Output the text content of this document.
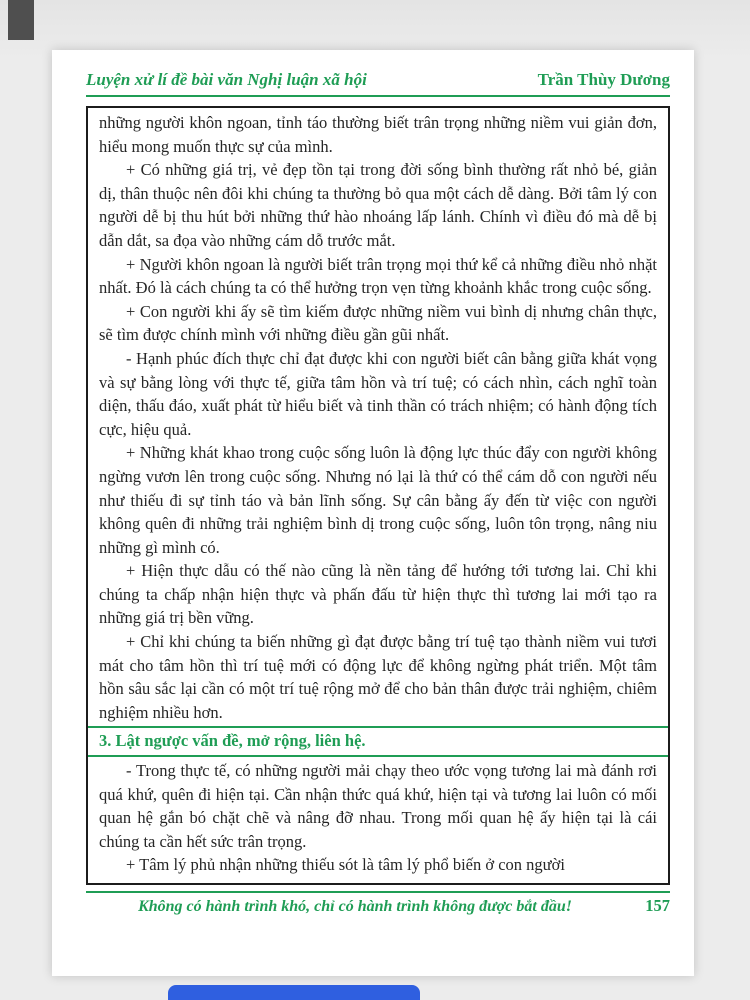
Luyện xử lí đề bài văn Nghị luận xã hội	Trần Thùy Dương

những người khôn ngoan, tỉnh táo thường biết trân trọng những niềm vui giản đơn, hiểu mong muốn thực sự của mình.

+ Có những giá trị, vẻ đẹp tồn tại trong đời sống bình thường rất nhỏ bé, giản dị, thân thuộc nên đôi khi chúng ta thường bỏ qua một cách dễ dàng. Bởi tâm lý con người dễ bị thu hút bởi những thứ hào nhoáng lấp lánh. Chính vì điều đó mà dễ bị dẫn dắt, sa đọa vào những cám dỗ trước mắt.

+ Người khôn ngoan là người biết trân trọng mọi thứ kể cả những điều nhỏ nhặt nhất. Đó là cách chúng ta có thể hưởng trọn vẹn từng khoảnh khắc trong cuộc sống.

+ Con người khi ấy sẽ tìm kiếm được những niềm vui bình dị nhưng chân thực, sẽ tìm được chính mình với những điều gần gũi nhất.

- Hạnh phúc đích thực chỉ đạt được khi con người biết cân bằng giữa khát vọng và sự bằng lòng với thực tế, giữa tâm hồn và trí tuệ; có cách nhìn, cách nghĩ toàn diện, thấu đáo, xuất phát từ hiểu biết và tinh thần có trách nhiệm; có hành động tích cực, hiệu quả.

+ Những khát khao trong cuộc sống luôn là động lực thúc đẩy con người không ngừng vươn lên trong cuộc sống. Nhưng nó lại là thứ có thể cám dỗ con người nếu như thiếu đi sự tỉnh táo và bản lĩnh sống. Sự cân bằng ấy đến từ việc con người không quên đi những trải nghiệm bình dị trong cuộc sống, luôn tôn trọng, nâng niu những gì mình có.

+ Hiện thực dẫu có thế nào cũng là nền tảng để hướng tới tương lai. Chỉ khi chúng ta chấp nhận hiện thực và phấn đấu từ hiện thực thì tương lai mới tạo ra những giá trị bền vững.

+ Chỉ khi chúng ta biến những gì đạt được bằng trí tuệ tạo thành niềm vui tươi mát cho tâm hồn thì trí tuệ mới có động lực để không ngừng phát triển. Một tâm hồn sâu sắc lại cần có một trí tuệ rộng mở để cho bản thân được trải nghiệm, chiêm nghiệm nhiều hơn.

3. Lật ngược vấn đề, mở rộng, liên hệ.

- Trong thực tế, có những người mải chạy theo ước vọng tương lai mà đánh rơi quá khứ, quên đi hiện tại. Cần nhận thức quá khứ, hiện tại và tương lai luôn có mối quan hệ gắn bó chặt chẽ và nâng đỡ nhau. Trong mối quan hệ ấy hiện tại là cái chúng ta cần hết sức trân trọng.

+ Tâm lý phủ nhận những thiếu sót là tâm lý phổ biến ở con người

Không có hành trình khó, chỉ có hành trình không được bắt đầu!	157
